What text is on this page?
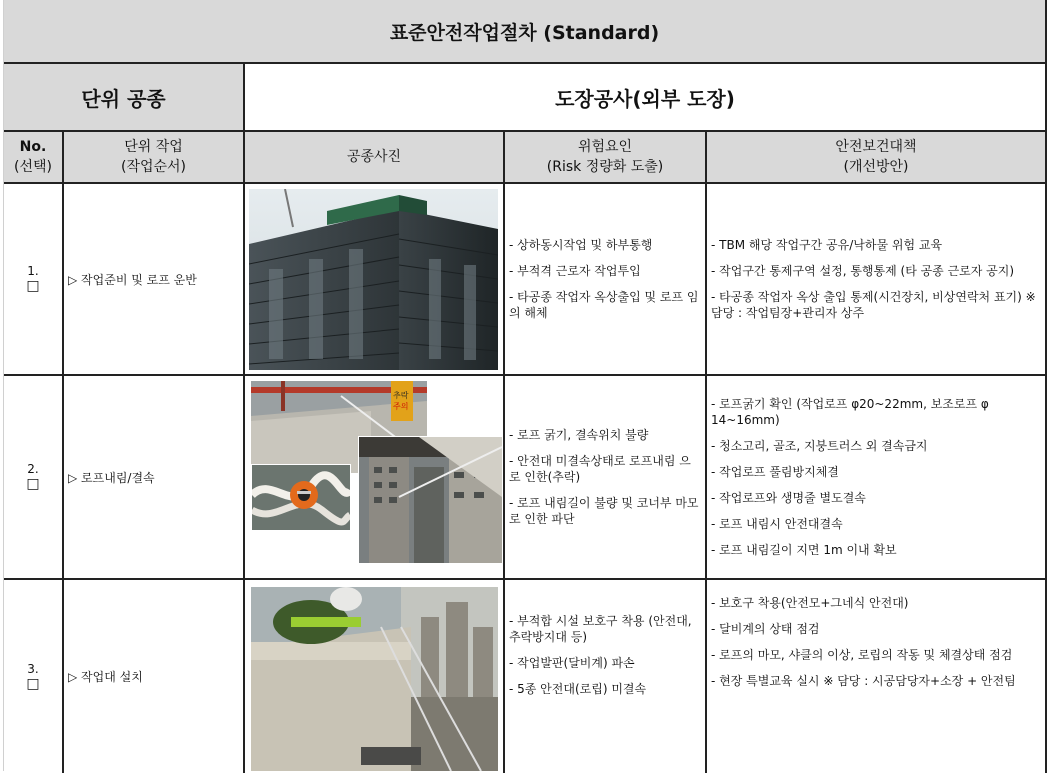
표준안전작업절차 (Standard)
단위 공종	도장공사(외부 도장)
No.
(선택)
단위 작업
(작업순서)
공종사진
위험요인
(Risk 정량화 도출)
안전보건대책
(개선방안)
1.
□ ▷ 작업준비 및 로프 운반
- 상하동시작업 및 하부통행
- 부적격 근로자 작업투입
- 타공종 작업자 옥상출입 및 로프 임의 해체
- TBM 해당 작업구간 공유/낙하물 위험 교육
- 작업구간 통제구역 설정, 통행통제 (타 공종 근로자 공지)
- 타공종 작업자 옥상 출입 통제(시건장치, 비상연락처 표기) ※ 담당 : 작업팀장+관리자 상주
2.
□ ▷ 로프내림/결속
추락
주의
- 로프 굵기, 결속위치 불량
- 안전대 미결속상태로 로프내림 으로 인한(추락)
- 로프 내림길이 불량 및 코너부 마모로 인한 파단
- 로프굵기 확인 (작업로프 φ20~22mm, 보조로프 φ 14~16mm)
- 청소고리, 골조, 지붕트러스 외 결속금지
- 작업로프 풀림방지체결
- 작업로프와 생명줄 별도결속
- 로프 내림시 안전대결속
- 로프 내림길이 지면 1m 이내 확보
3.
□ ▷ 작업대 설치
- 부적합 시설 보호구 착용 (안전대, 추락방지대 등)
- 작업발판(달비계) 파손
- 5종 안전대(로립) 미결속
- 보호구 착용(안전모+그네식 안전대)
- 달비계의 상태 점검
- 로프의 마모, 샤클의 이상, 로립의 작동 및 체결상태 점검
- 현장 특별교육 실시 ※ 담당 : 시공담당자+소장 + 안전팀
